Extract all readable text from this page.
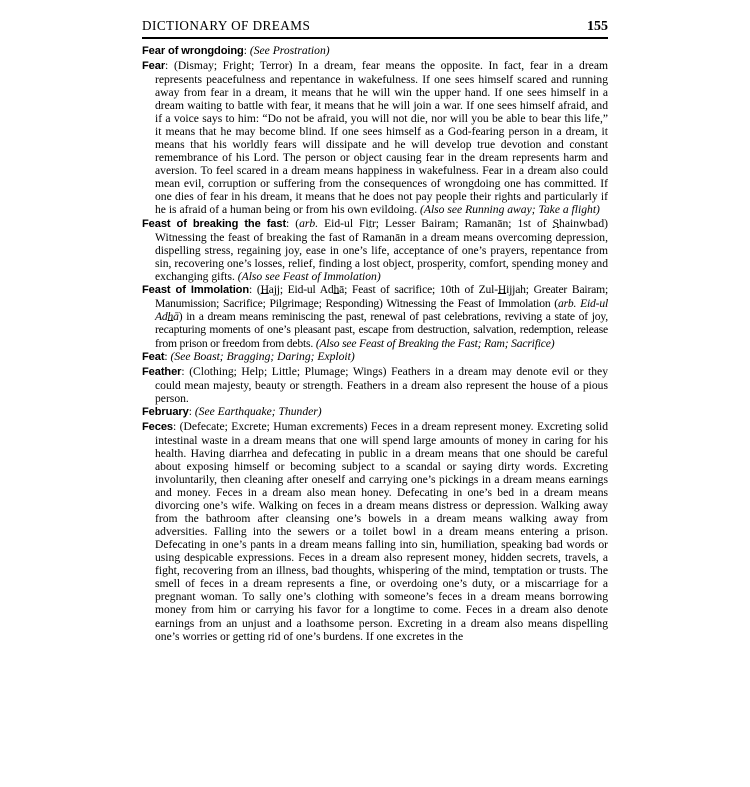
DICTIONARY OF DREAMS	155

Fear of wrongdoing: (See Prostration)

Fear: (Dismay; Fright; Terror) In a dream, fear means the opposite. In fact, fear in a dream represents peacefulness and repentance in wakefulness. If one sees himself scared and running away from fear in a dream, it means that he will win the upper hand. If one sees himself in a dream waiting to battle with fear, it means that he will join a war. If one sees himself afraid, and if a voice says to him: “Do not be afraid, you will not die, nor will you be able to bear this life,” it means that he may become blind. If one sees himself as a God-fearing person in a dream, it means that his worldly fears will dissipate and he will develop true devotion and constant remembrance of his Lord. The person or object causing fear in the dream represents harm and aversion. To feel scared in a dream means happiness in wakefulness. Fear in a dream also could mean evil, corruption or suffering from the consequences of wrongdoing one has committed. If one dies of fear in his dream, it means that he does not pay people their rights and particularly if he is afraid of a human being or from his own evildoing. (Also see Running away; Take a flight)

Feast of breaking the fast: (arb. Eid-ul Fitr; Lesser Bairam; Ramanān; 1st of Shainwbad) Witnessing the feast of breaking the fast of Ramanān in a dream means overcoming depression, dispelling stress, regaining joy, ease in one’s life, acceptance of one’s prayers, repentance from sin, recovering one’s losses, relief, finding a lost object, prosperity, comfort, spending money and exchanging gifts. (Also see Feast of Immolation)

Feast of Immolation: (Hajj; Eid-ul Adhā; Feast of sacrifice; 10th of Zul-Hijjah; Greater Bairam; Manumission; Sacrifice; Pilgrimage; Responding) Witnessing the Feast of Immolation (arb. Eid-ul Adhā) in a dream means reminiscing the past, renewal of past celebrations, reviving a state of joy, recapturing moments of one’s pleasant past, escape from destruction, salvation, redemption, release from prison or freedom from debts. (Also see Feast of Breaking the Fast; Ram; Sacrifice)

Feat: (See Boast; Bragging; Daring; Exploit)

Feather: (Clothing; Help; Little; Plumage; Wings) Feathers in a dream may denote evil or they could mean majesty, beauty or strength. Feathers in a dream also represent the house of a pious person.

February: (See Earthquake; Thunder)

Feces: (Defecate; Excrete; Human excrements) Feces in a dream represent money. Excreting solid intestinal waste in a dream means that one will spend large amounts of money in caring for his health. Having diarrhea and defecating in public in a dream means that one should be careful about exposing himself or becoming subject to a scandal or saying dirty words. Excreting involuntarily, then cleaning after oneself and carrying one’s pickings in a dream means earnings and money. Feces in a dream also mean honey. Defecating in one’s bed in a dream means divorcing one’s wife. Walking on feces in a dream means distress or depression. Walking away from the bathroom after cleansing one’s bowels in a dream means walking away from adversities. Falling into the sewers or a toilet bowl in a dream means entering a prison. Defecating in one’s pants in a dream means falling into sin, humiliation, speaking bad words or using despicable expressions. Feces in a dream also represent money, hidden secrets, travels, a fight, recovering from an illness, bad thoughts, whispering of the mind, temptation or trusts. The smell of feces in a dream represents a fine, or overdoing one’s duty, or a miscarriage for a pregnant woman. To sally one’s clothing with someone’s feces in a dream means borrowing money from him or carrying his favor for a longtime to come. Feces in a dream also denote earnings from an unjust and a loathsome person. Excreting in a dream also means dispelling one’s worries or getting rid of one’s burdens. If one excretes in the
